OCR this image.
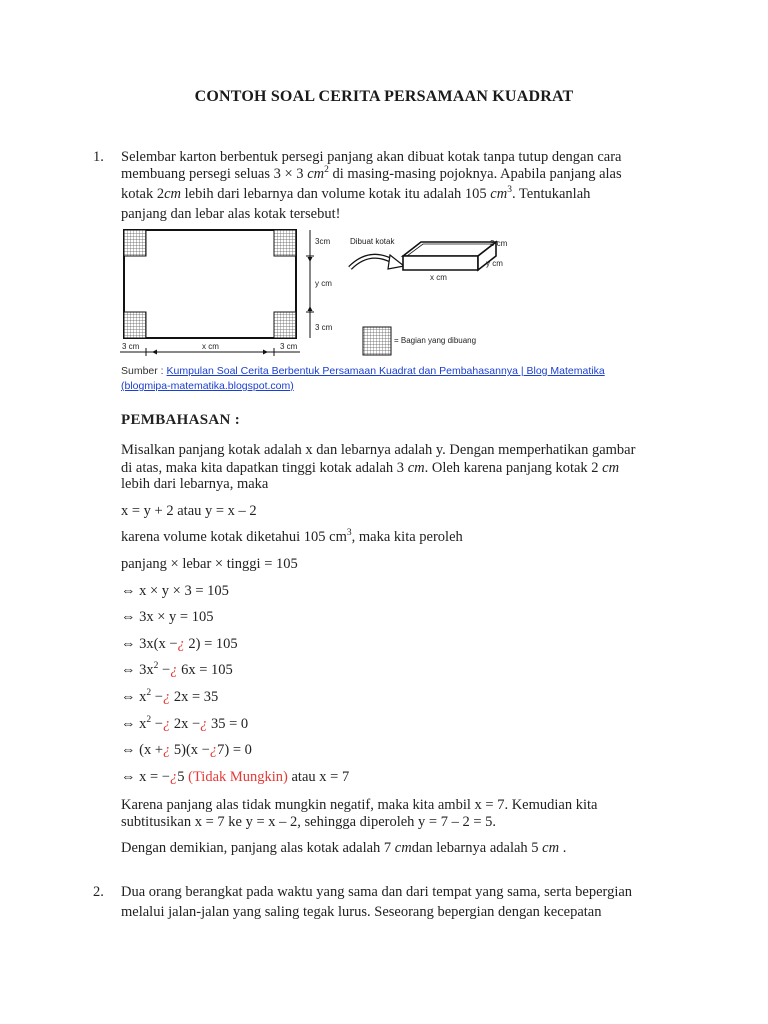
CONTOH SOAL CERITA PERSAMAAN KUADRAT
1. Selembar karton berbentuk persegi panjang akan dibuat kotak tanpa tutup dengan cara
membuang persegi seluas 3 × 3 $cm^2$ di masing-masing pojoknya. Apabila panjang alas
kotak 2cm lebih dari lebarnya dan volume kotak itu adalah 105 $cm^3$. Tentukanlah
panjang dan lebar alas kotak tersebut!
3cm
y cm
3 cm
3 cm	x cm	3 cm
Dibuat kotak	3 cm
y cm
x cm
= Bagian yang dibuang
Sumber : Kumpulan Soal Cerita Berbentuk Persamaan Kuadrat dan Pembahasannya | Blog Matematika
(blogmipa-matematika.blogspot.com)
PEMBAHASAN :
Misalkan panjang kotak adalah x dan lebarnya adalah y. Dengan memperhatikan gambar
di atas, maka kita dapatkan tinggi kotak adalah 3 cm. Oleh karena panjang kotak 2 cm
lebih dari lebarnya, maka
x = y + 2 atau y = x – 2
karena volume kotak diketahui 105 $cm^3$, maka kita peroleh
panjang × lebar × tinggi = 105
⇔ x × y × 3 = 105
⇔ 3x × y = 105
⇔ 3x(x −¿ 2) = 105
⇔ $3x^2$ −¿ 6x = 105
⇔ $x^2$ −¿ 2x = 35
⇔ $x^2$ −¿ 2x −¿ 35 = 0
⇔ (x +¿ 5)(x −¿7) = 0
⇔ x = −¿5 (Tidak Mungkin) atau x = 7
Karena panjang alas tidak mungkin negatif, maka kita ambil x = 7. Kemudian kita
subtitusikan x = 7 ke y = x – 2, sehingga diperoleh y = 7 – 2 = 5.
Dengan demikian, panjang alas kotak adalah 7 cmdan lebarnya adalah 5 cm .
2. Dua orang berangkat pada waktu yang sama dan dari tempat yang sama, serta bepergian
melalui jalan-jalan yang saling tegak lurus. Seseorang bepergian dengan kecepatan
